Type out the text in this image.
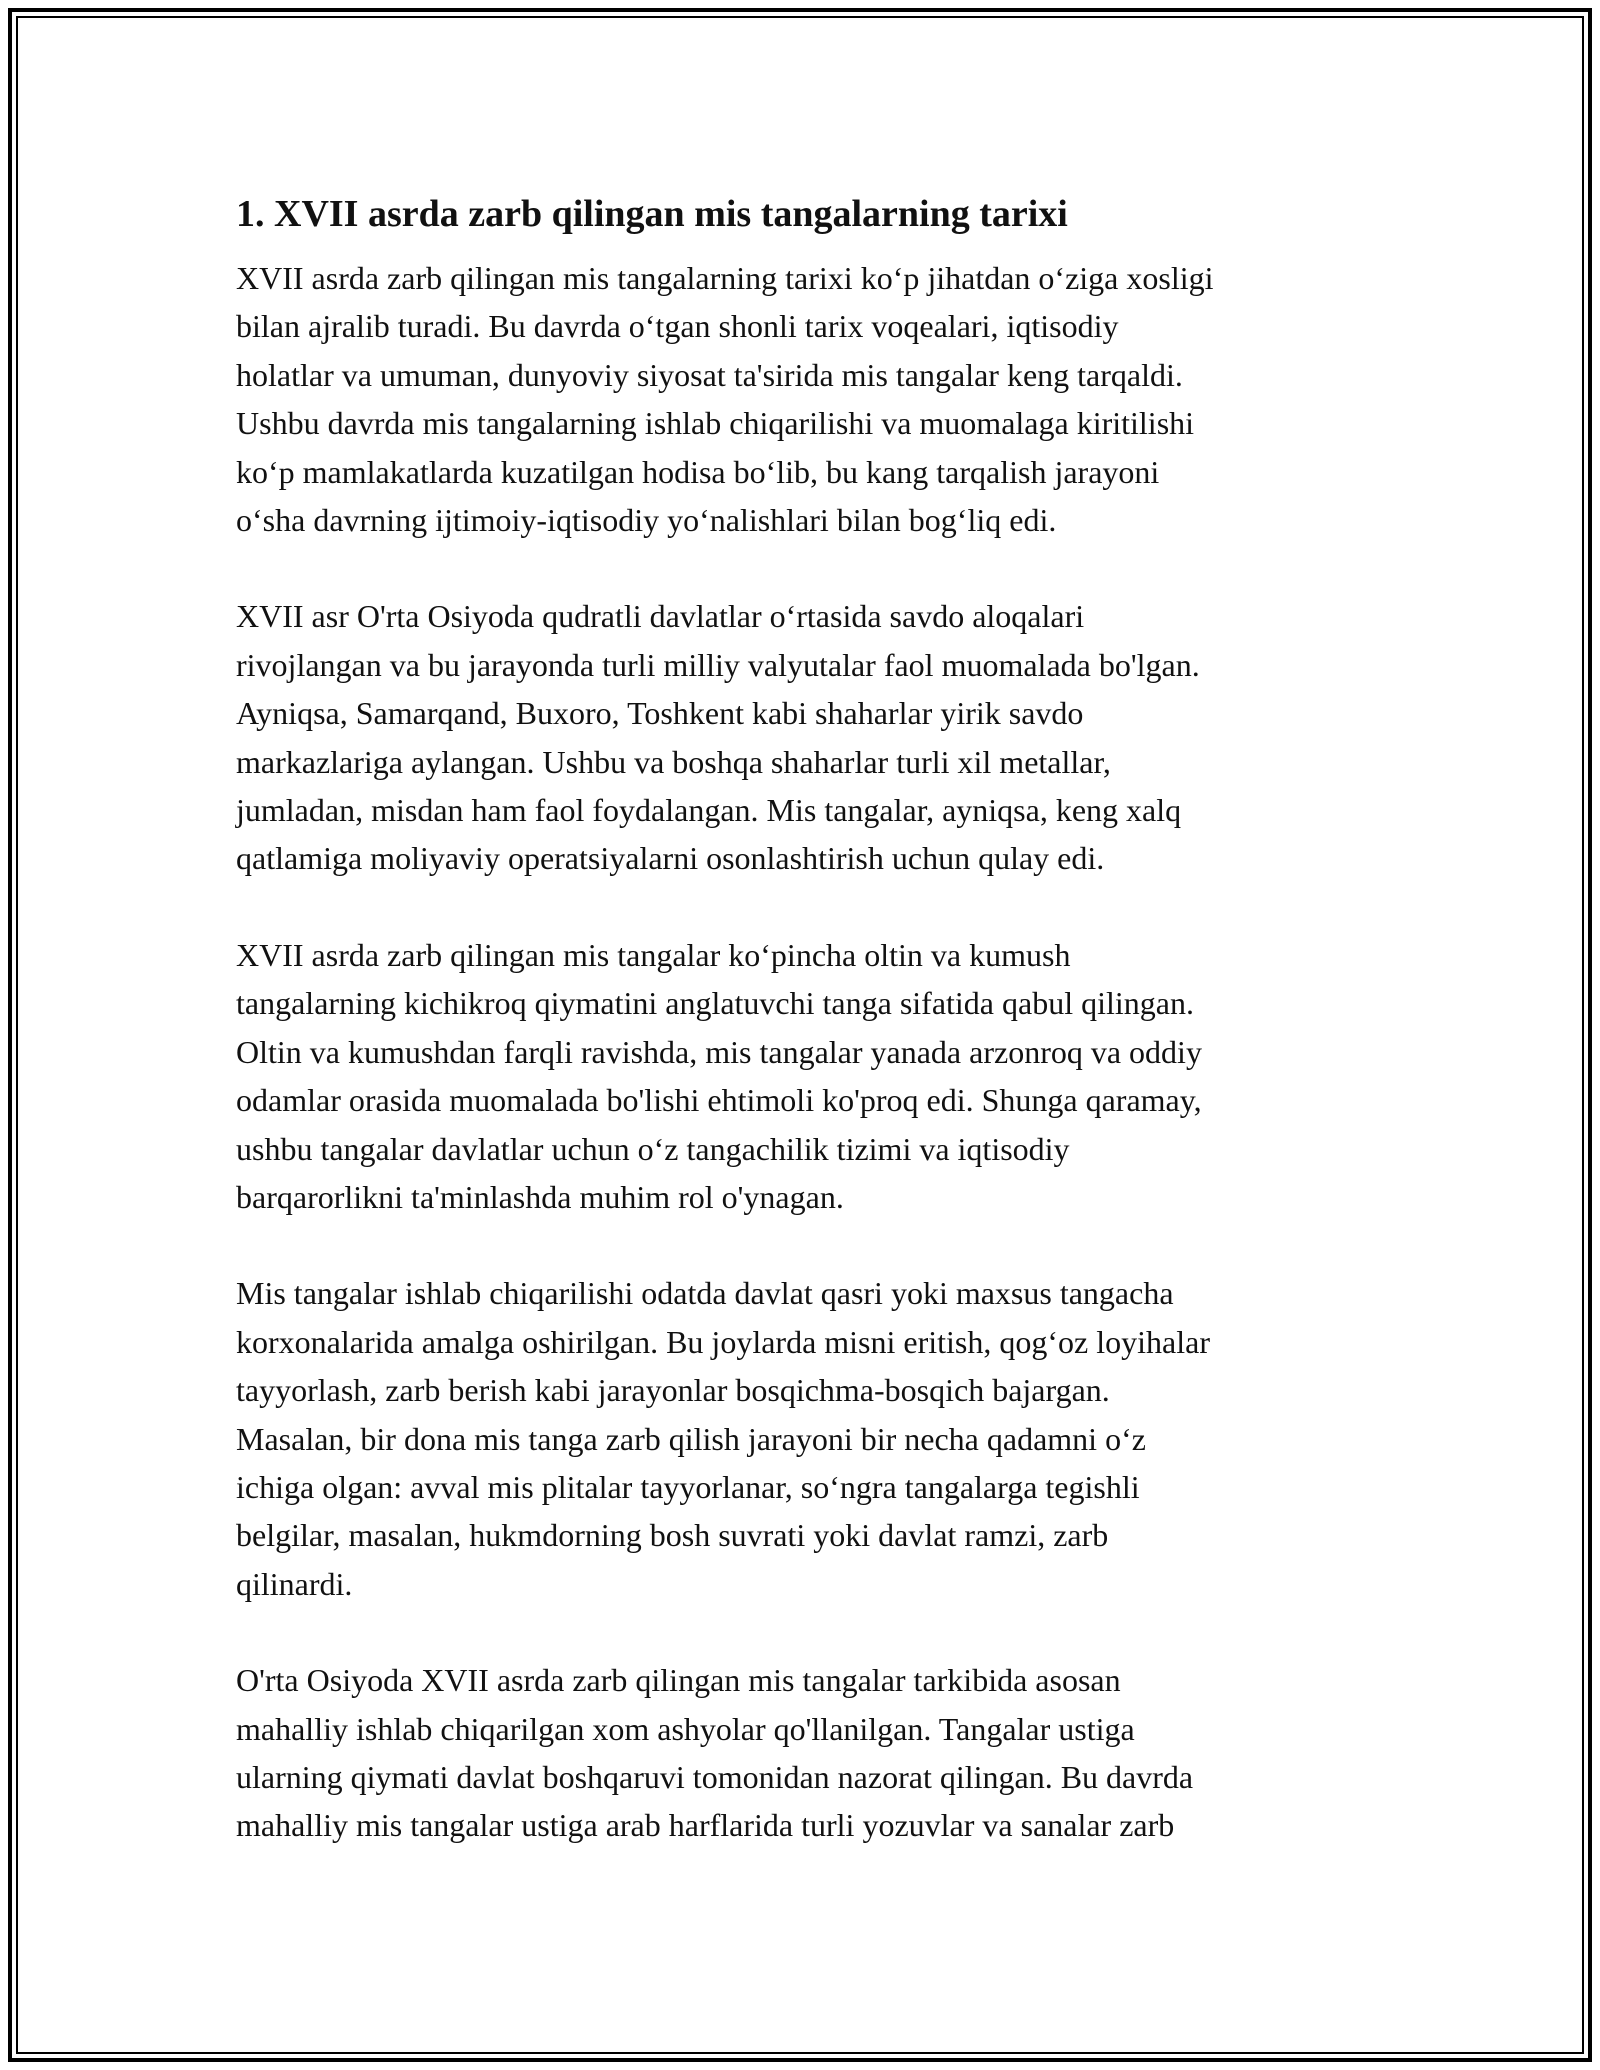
1. XVII asrda zarb qilingan mis tangalarning tarixi
XVII asrda zarb qilingan mis tangalarning tarixi ko‘p jihatdan o‘ziga xosligi
bilan ajralib turadi. Bu davrda o‘tgan shonli tarix voqealari, iqtisodiy
holatlar va umuman, dunyoviy siyosat ta'sirida mis tangalar keng tarqaldi.
Ushbu davrda mis tangalarning ishlab chiqarilishi va muomalaga kiritilishi
ko‘p mamlakatlarda kuzatilgan hodisa bo‘lib, bu kang tarqalish jarayoni
o‘sha davrning ijtimoiy-iqtisodiy yo‘nalishlari bilan bog‘liq edi.
XVII asr O'rta Osiyoda qudratli davlatlar o‘rtasida savdo aloqalari
rivojlangan va bu jarayonda turli milliy valyutalar faol muomalada bo'lgan.
Ayniqsa, Samarqand, Buxoro, Toshkent kabi shaharlar yirik savdo
markazlariga aylangan. Ushbu va boshqa shaharlar turli xil metallar,
jumladan, misdan ham faol foydalangan. Mis tangalar, ayniqsa, keng xalq
qatlamiga moliyaviy operatsiyalarni osonlashtirish uchun qulay edi.
XVII asrda zarb qilingan mis tangalar ko‘pincha oltin va kumush
tangalarning kichikroq qiymatini anglatuvchi tanga sifatida qabul qilingan.
Oltin va kumushdan farqli ravishda, mis tangalar yanada arzonroq va oddiy
odamlar orasida muomalada bo'lishi ehtimoli ko'proq edi. Shunga qaramay,
ushbu tangalar davlatlar uchun o‘z tangachilik tizimi va iqtisodiy
barqarorlikni ta'minlashda muhim rol o'ynagan.
Mis tangalar ishlab chiqarilishi odatda davlat qasri yoki maxsus tangacha
korxonalarida amalga oshirilgan. Bu joylarda misni eritish, qog‘oz loyihalar
tayyorlash, zarb berish kabi jarayonlar bosqichma-bosqich bajargan.
Masalan, bir dona mis tanga zarb qilish jarayoni bir necha qadamni o‘z
ichiga olgan: avval mis plitalar tayyorlanar, so‘ngra tangalarga tegishli
belgilar, masalan, hukmdorning bosh suvrati yoki davlat ramzi, zarb
qilinardi.
O'rta Osiyoda XVII asrda zarb qilingan mis tangalar tarkibida asosan
mahalliy ishlab chiqarilgan xom ashyolar qo'llanilgan. Tangalar ustiga
ularning qiymati davlat boshqaruvi tomonidan nazorat qilingan. Bu davrda
mahalliy mis tangalar ustiga arab harflarida turli yozuvlar va sanalar zarb
